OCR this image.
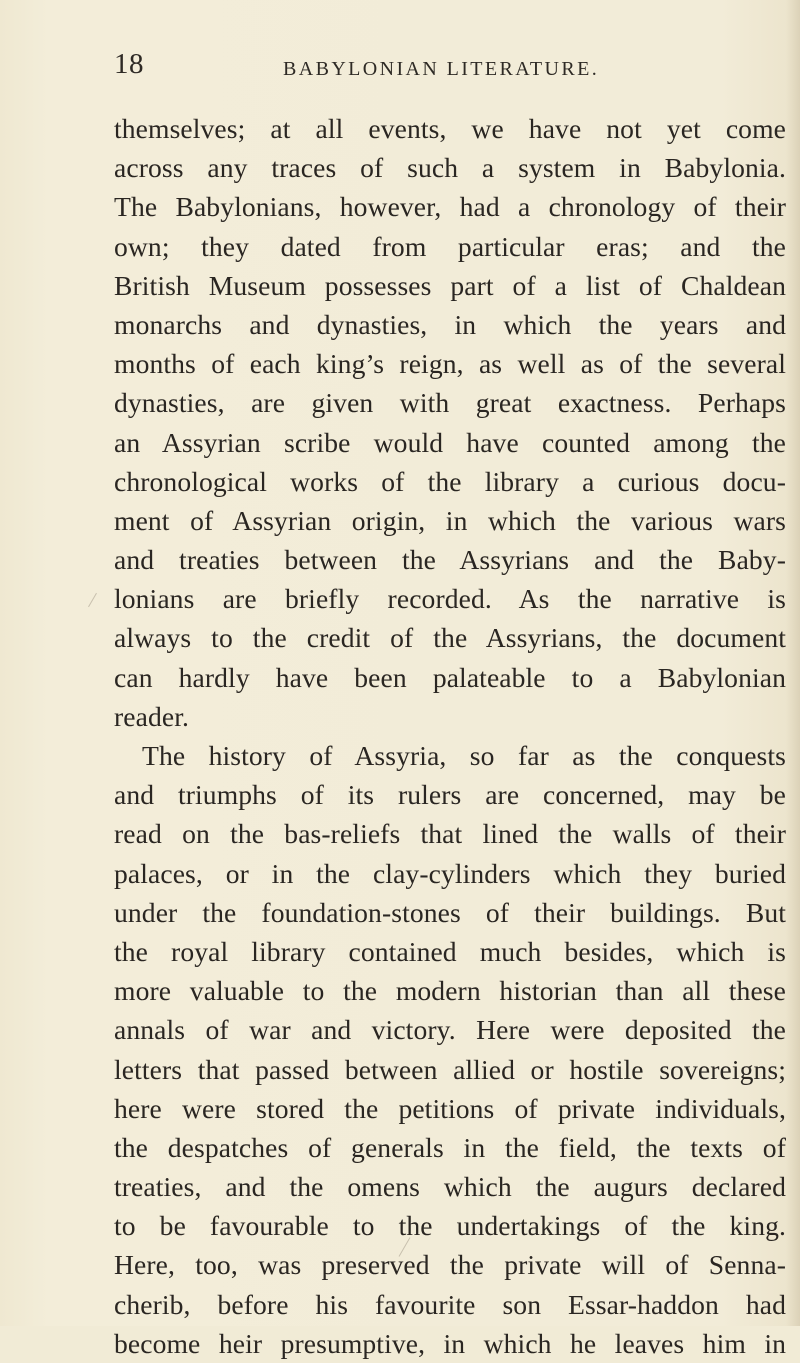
18	BABYLONIAN LITERATURE.
themselves; at all events, we have not yet come
across any traces of such a system in Babylonia.
The Babylonians, however, had a chronology of their
own; they dated from particular eras; and the
British Museum possesses part of a list of Chaldean
monarchs and dynasties, in which the years and
months of each king’s reign, as well as of the several
dynasties, are given with great exactness. Perhaps
an Assyrian scribe would have counted among the
chronological works of the library a curious docu-
ment of Assyrian origin, in which the various wars
and treaties between the Assyrians and the Baby-
lonians are briefly recorded. As the narrative is
always to the credit of the Assyrians, the document
can hardly have been palateable to a Babylonian
reader.
The history of Assyria, so far as the conquests
and triumphs of its rulers are concerned, may be
read on the bas-reliefs that lined the walls of their
palaces, or in the clay-cylinders which they buried
under the foundation-stones of their buildings. But
the royal library contained much besides, which is
more valuable to the modern historian than all these
annals of war and victory. Here were deposited the
letters that passed between allied or hostile sovereigns;
here were stored the petitions of private individuals,
the despatches of generals in the field, the texts of
treaties, and the omens which the augurs declared
to be favourable to the undertakings of the king.
Here, too, was preserved the private will of Senna-
cherib, before his favourite son Essar-haddon had
become heir presumptive, in which he leaves him in
